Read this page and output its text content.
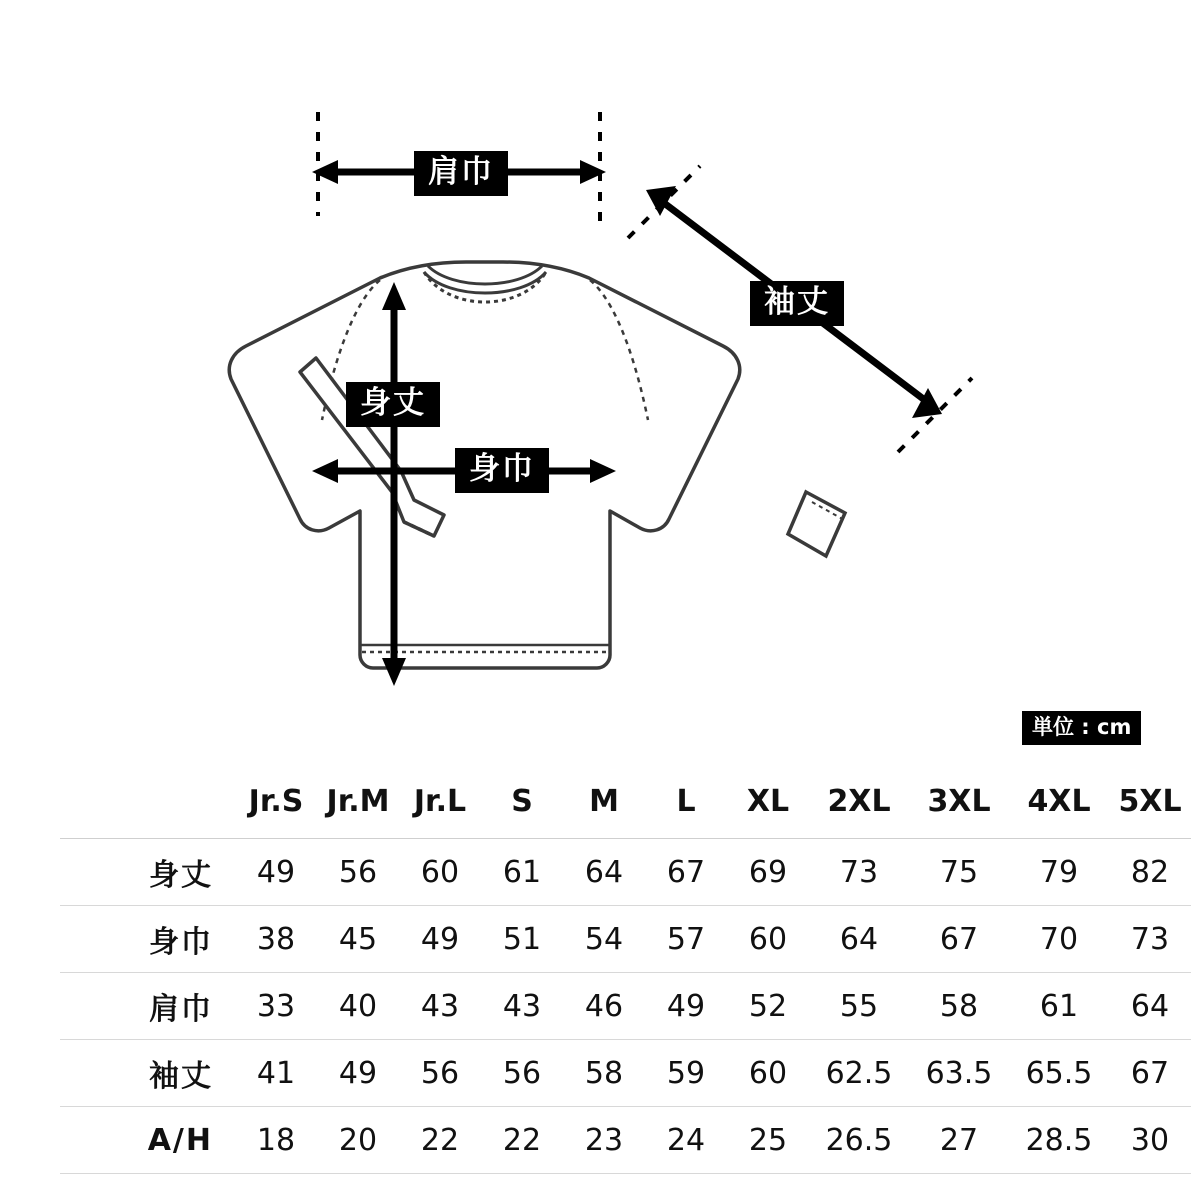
肩巾
袖丈
身丈
身巾
単位 : cm
	Jr.S	Jr.M	Jr.L	S	M	L	XL	2XL	3XL	4XL	5XL
身丈	49	56	60	61	64	67	69	73	75	79	82
身巾	38	45	49	51	54	57	60	64	67	70	73
肩巾	33	40	43	43	46	49	52	55	58	61	64
袖丈	41	49	56	56	58	59	60	62.5	63.5	65.5	67
A/H	18	20	22	22	23	24	25	26.5	27	28.5	30
